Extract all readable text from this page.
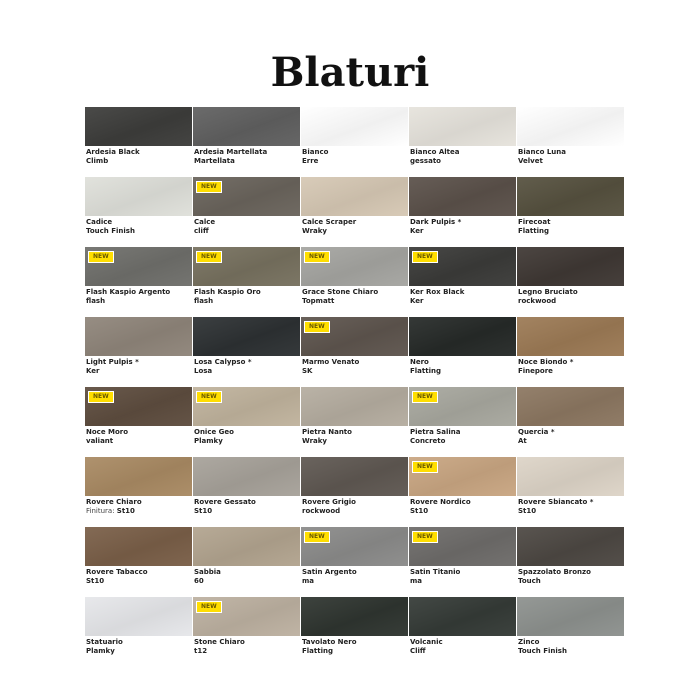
Blaturi
Ardesia Black
Climb
Ardesia Martellata
Martellata
Bianco
Erre
Bianco Altea
gessato
Bianco Luna
Velvet
Cadice
Touch Finish
NEW
Calce
cliff
Calce Scraper
Wraky
Dark Pulpis *
Ker
Firecoat
Flatting
NEW
Flash Kaspio Argento
flash
NEW
Flash Kaspio Oro
flash
NEW
Grace Stone Chiaro
Topmatt
NEW
Ker Rox Black
Ker
Legno Bruciato
rockwood
Light Pulpis *
Ker
Losa Calypso *
Losa
NEW
Marmo Venato
SK
Nero
Flatting
Noce Biondo *
Finepore
NEW
Noce Moro
valiant
NEW
Onice Geo
Plamky
Pietra Nanto
Wraky
NEW
Pietra Salina
Concreto
Quercia *
At
Rovere Chiaro
Finitura: St10
Rovere Gessato
St10
Rovere Grigio
rockwood
NEW
Rovere Nordico
St10
Rovere Sbiancato *
St10
Rovere Tabacco
St10
Sabbia
60
NEW
Satin Argento
ma
NEW
Satin Titanio
ma
Spazzolato Bronzo
Touch
Statuario
Plamky
NEW
Stone Chiaro
t12
Tavolato Nero
Flatting
Volcanic
Cliff
Zinco
Touch Finish
